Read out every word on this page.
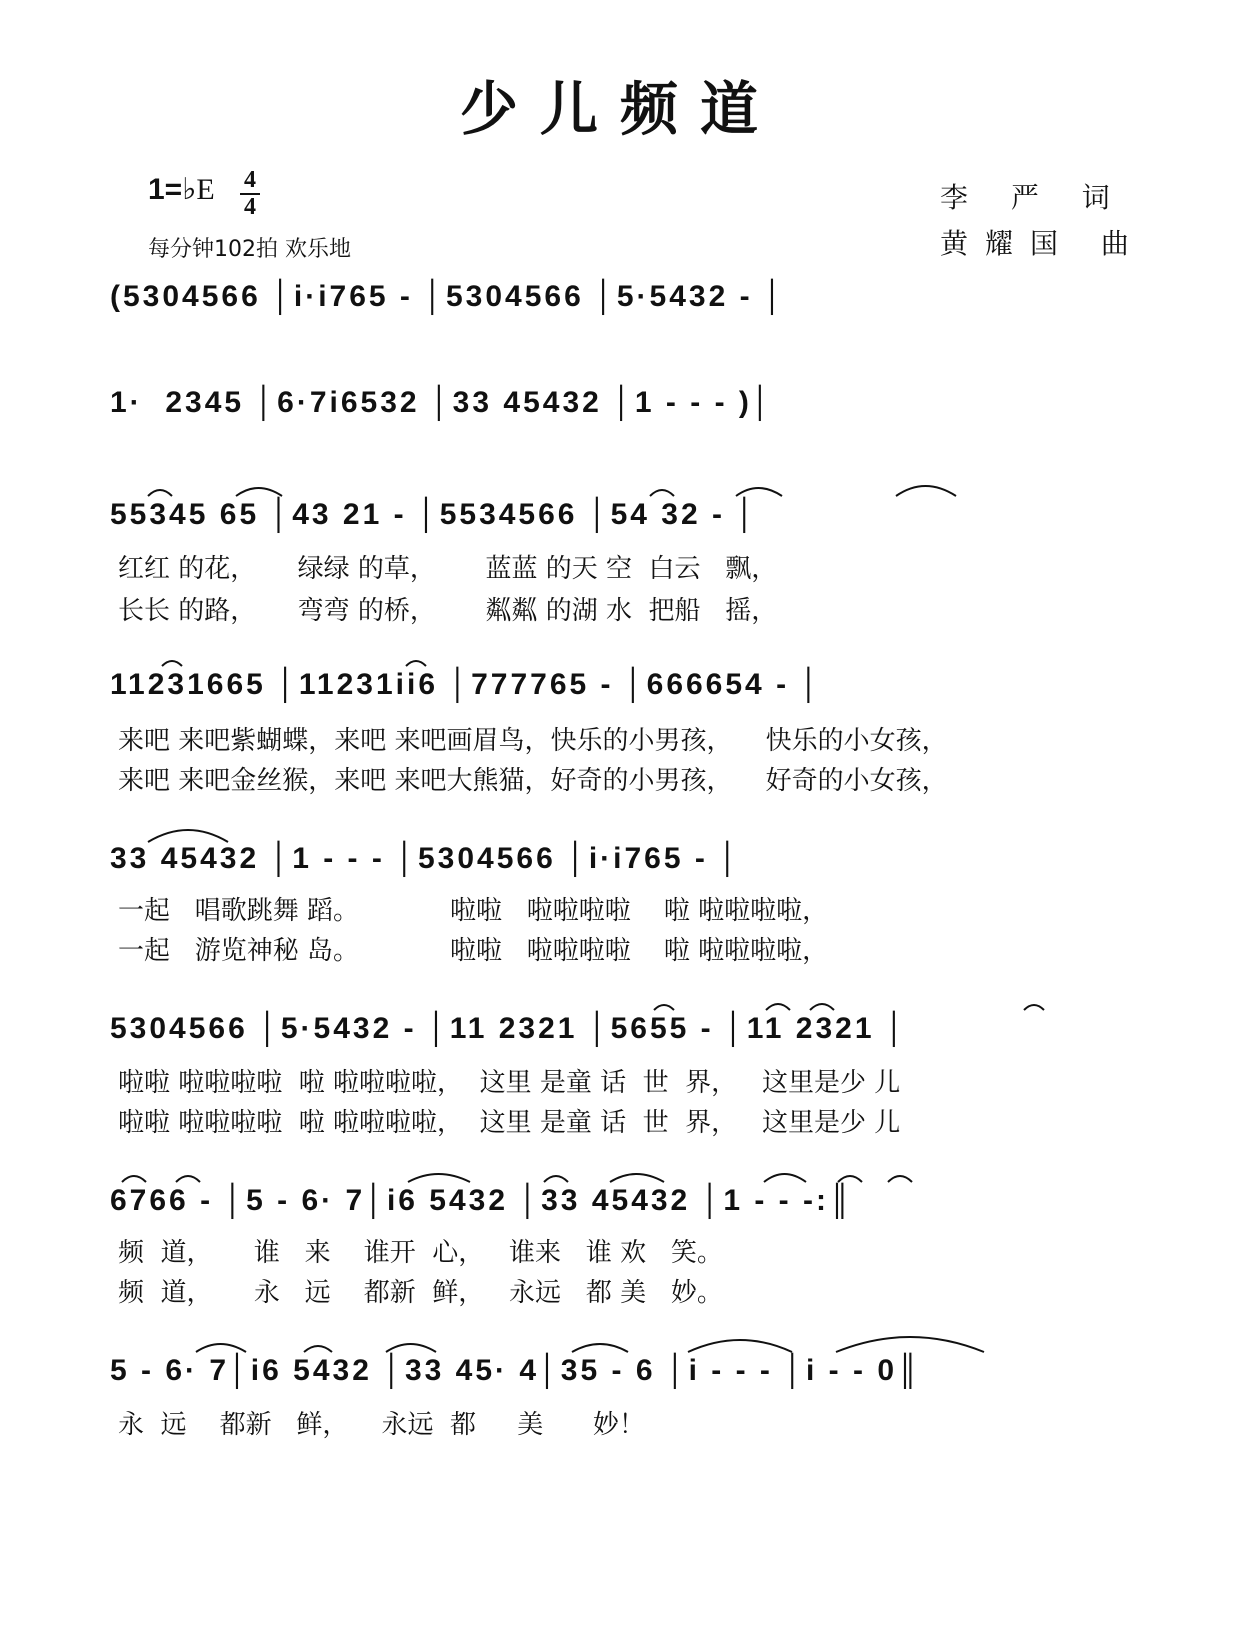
少儿频道
1=♭E 4
4
每分钟102拍 欢乐地
李 严 词
黄耀国 曲
(5304566 │i·i765 - │5304566 │5·5432 - │
1·  2345 │6·7i6532 │33 45432 │1 - - - )│
55345 65 │43 21 - │5534566 │54 32 - │
红红 的花，     绿绿 的草，      蓝蓝 的天 空  白云   飘，
长长 的路，     弯弯 的桥，      粼粼 的湖 水  把船   摇，
11231665 │11231ii6 │777765 - │666654 - │
来吧 来吧紫蝴蝶，来吧 来吧画眉鸟，快乐的小男孩，    快乐的小女孩，
来吧 来吧金丝猴，来吧 来吧大熊猫，好奇的小男孩，    好奇的小女孩，
33 45432 │1 - - - │5304566 │i·i765 - │
一起   唱歌跳舞 蹈。           啦啦   啦啦啦啦    啦 啦啦啦啦，
一起   游览神秘 岛。           啦啦   啦啦啦啦    啦 啦啦啦啦，
5304566 │5·5432 - │11 2321 │5655 - │11 2321 │
啦啦 啦啦啦啦  啦 啦啦啦啦，  这里 是童 话  世  界，   这里是少 儿
啦啦 啦啦啦啦  啦 啦啦啦啦，  这里 是童 话  世  界，   这里是少 儿
6766 - │5 - 6· 7│i6 5432 │33 45432 │1 - - -:║
频  道，     谁   来    谁开  心，   谁来   谁 欢   笑。
频  道，     永   远    都新  鲜，   永远   都 美   妙。
5 - 6· 7│i6 5432 │33 45· 4│35 - 6 │i - - - │i - - 0║
永  远    都新   鲜，    永远  都     美      妙！
